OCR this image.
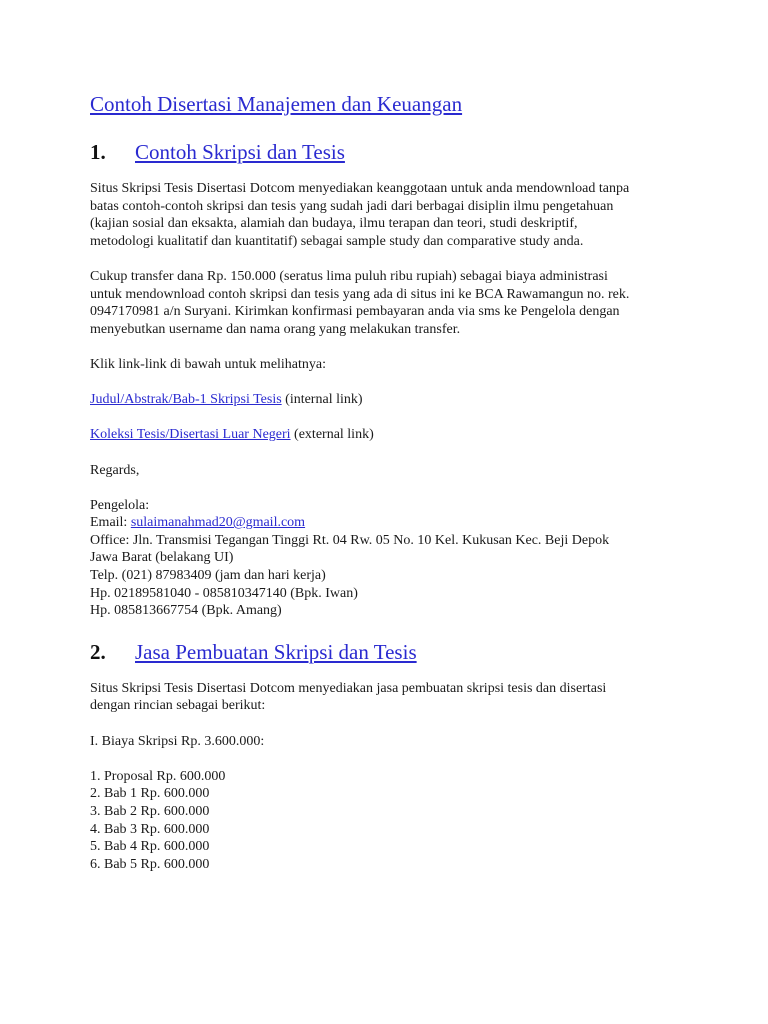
Contoh Disertasi Manajemen dan Keuangan
1.	Contoh Skripsi dan Tesis

Situs Skripsi Tesis Disertasi Dotcom menyediakan keanggotaan untuk anda mendownload tanpa
batas contoh-contoh skripsi dan tesis yang sudah jadi dari berbagai disiplin ilmu pengetahuan
(kajian sosial dan eksakta, alamiah dan budaya, ilmu terapan dan teori, studi deskriptif,
metodologi kualitatif dan kuantitatif) sebagai sample study dan comparative study anda.

Cukup transfer dana Rp. 150.000 (seratus lima puluh ribu rupiah) sebagai biaya administrasi
untuk mendownload contoh skripsi dan tesis yang ada di situs ini ke BCA Rawamangun no. rek.
0947170981 a/n Suryani. Kirimkan konfirmasi pembayaran anda via sms ke Pengelola dengan
menyebutkan username dan nama orang yang melakukan transfer.

Klik link-link di bawah untuk melihatnya:

Judul/Abstrak/Bab-1 Skripsi Tesis (internal link)

Koleksi Tesis/Disertasi Luar Negeri (external link)

Regards,

Pengelola:
Email: sulaimanahmad20@gmail.com
Office: Jln. Transmisi Tegangan Tinggi Rt. 04 Rw. 05 No. 10 Kel. Kukusan Kec. Beji Depok
Jawa Barat (belakang UI)
Telp. (021) 87983409 (jam dan hari kerja)
Hp. 02189581040 - 085810347140 (Bpk. Iwan)
Hp. 085813667754 (Bpk. Amang)

2.	Jasa Pembuatan Skripsi dan Tesis

Situs Skripsi Tesis Disertasi Dotcom menyediakan jasa pembuatan skripsi tesis dan disertasi
dengan rincian sebagai berikut:

I. Biaya Skripsi Rp. 3.600.000:

1. Proposal Rp. 600.000
2. Bab 1 Rp. 600.000
3. Bab 2 Rp. 600.000
4. Bab 3 Rp. 600.000
5. Bab 4 Rp. 600.000
6. Bab 5 Rp. 600.000
